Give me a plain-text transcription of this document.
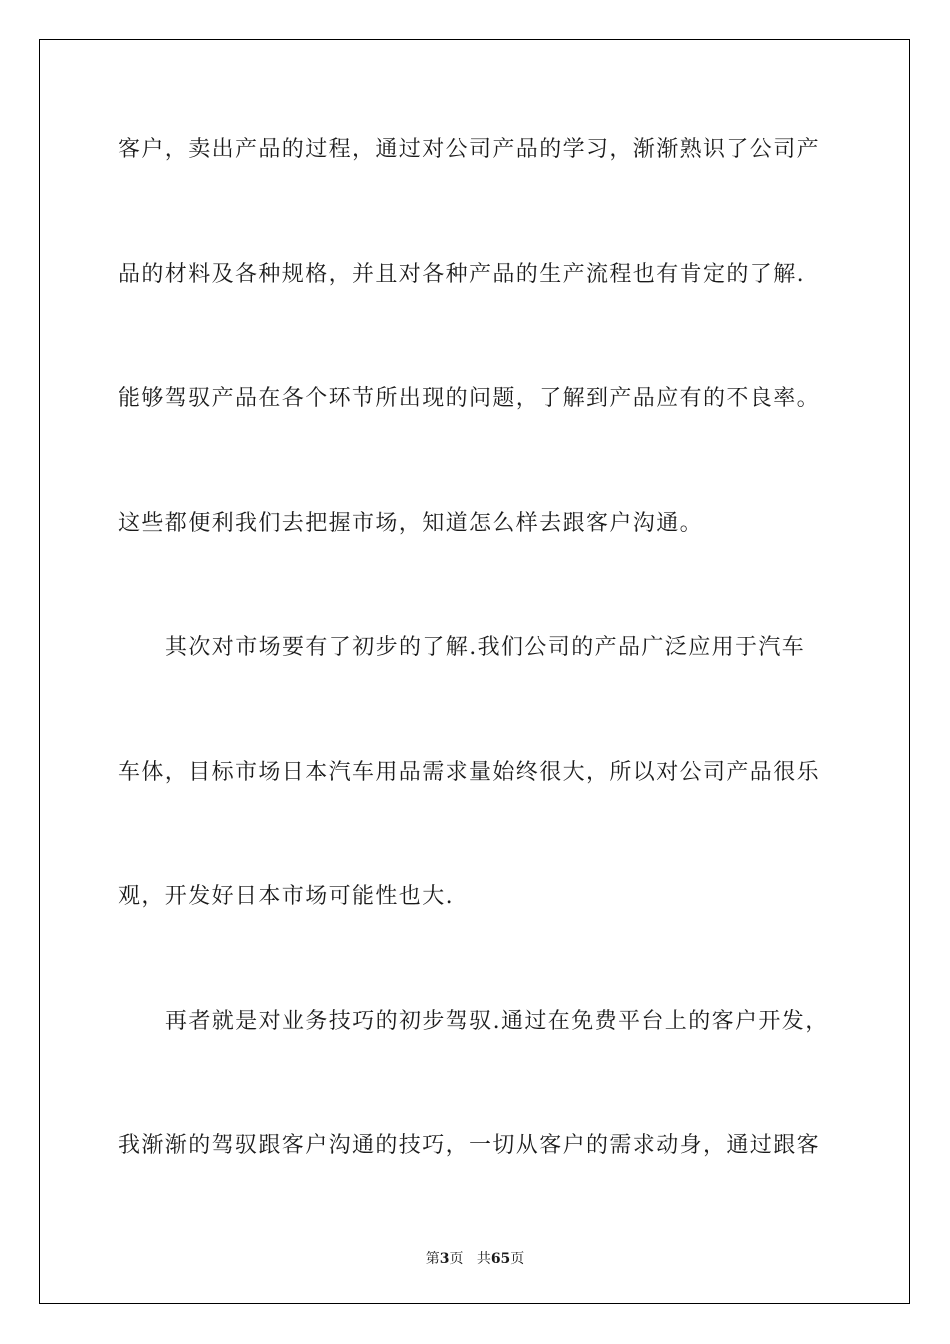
客户，卖出产品的过程，通过对公司产品的学习，渐渐熟识了公司产
品的材料及各种规格，并且对各种产品的生产流程也有肯定的了解.
能够驾驭产品在各个环节所出现的问题，了解到产品应有的不良率。
这些都便利我们去把握市场，知道怎么样去跟客户沟通。
其次对市场要有了初步的了解.我们公司的产品广泛应用于汽车
车体，目标市场日本汽车用品需求量始终很大，所以对公司产品很乐
观，开发好日本市场可能性也大.
再者就是对业务技巧的初步驾驭.通过在免费平台上的客户开发，
我渐渐的驾驭跟客户沟通的技巧，一切从客户的需求动身，通过跟客
第3页 共65页
